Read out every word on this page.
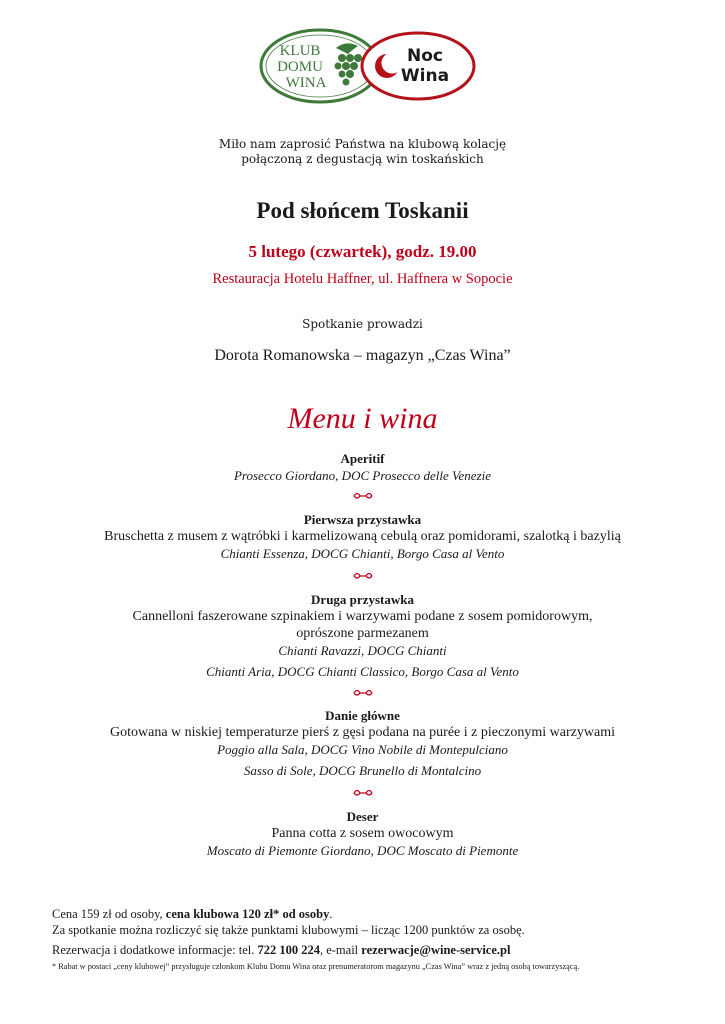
KLUB
DOMU
WINA
Noc
Wina
Miło nam zaprosić Państwa na klubową kolację
połączoną z degustacją win toskańskich
Pod słońcem Toskanii
5 lutego (czwartek), godz. 19.00
Restauracja Hotelu Haffner, ul. Haffnera w Sopocie
Spotkanie prowadzi
Dorota Romanowska – magazyn „Czas Wina”
Menu i wina
Aperitif
Prosecco Giordano, DOC Prosecco delle Venezie
Pierwsza przystawka
Bruschetta z musem z wątróbki i karmelizowaną cebulą oraz pomidorami, szalotką i bazylią
Chianti Essenza, DOCG Chianti, Borgo Casa al Vento
Druga przystawka
Cannelloni faszerowane szpinakiem i warzywami podane z sosem pomidorowym,
oprószone parmezanem
Chianti Ravazzi, DOCG Chianti
Chianti Aria, DOCG Chianti Classico, Borgo Casa al Vento
Danie główne
Gotowana w niskiej temperaturze pierś z gęsi podana na purée i z pieczonymi warzywami
Poggio alla Sala, DOCG Vino Nobile di Montepulciano
Sasso di Sole, DOCG Brunello di Montalcino
Deser
Panna cotta z sosem owocowym
Moscato di Piemonte Giordano, DOC Moscato di Piemonte
Cena 159 zł od osoby, cena klubowa 120 zł* od osoby.
Za spotkanie można rozliczyć się także punktami klubowymi – licząc 1200 punktów za osobę.
Rezerwacja i dodatkowe informacje: tel. 722 100 224, e-mail rezerwacje@wine-service.pl
* Rabat w postaci „ceny klubowej” przysługuje członkom Klubu Domu Wina oraz prenumeratorom magazynu „Czas Wina” wraz z jedną osobą towarzyszącą.
